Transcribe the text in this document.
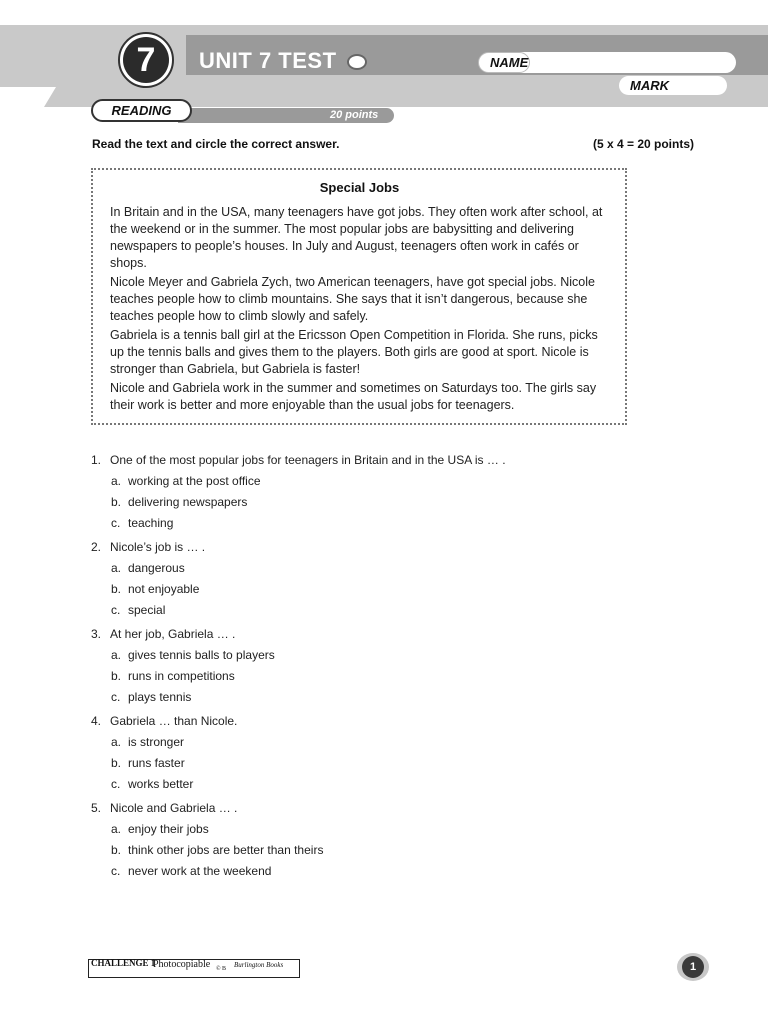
7	UNIT 7 TEST	NAME
MARK
20 points
READING
Read the text and circle the correct answer.	(5 x 4 = 20 points)
Special Jobs

In Britain and in the USA, many teenagers have got jobs. They often work after school, at the weekend or in the summer. The most popular jobs are babysitting and delivering newspapers to people’s houses. In July and August, teenagers often work in cafés or shops.

Nicole Meyer and Gabriela Zych, two American teenagers, have got special jobs. Nicole teaches people how to climb mountains. She says that it isn’t dangerous, because she teaches people how to climb slowly and safely.

Gabriela is a tennis ball girl at the Ericsson Open Competition in Florida. She runs, picks up the tennis balls and gives them to the players. Both girls are good at sport. Nicole is stronger than Gabriela, but Gabriela is faster!

Nicole and Gabriela work in the summer and sometimes on Saturdays too. The girls say their work is better and more enjoyable than the usual jobs for teenagers.

1. One of the most popular jobs for teenagers in Britain and in the USA is … .
a. working at the post office
b. delivering newspapers
c. teaching
2. Nicole’s job is … .
a. dangerous
b. not enjoyable
c. special
3. At her job, Gabriela … .
a. gives tennis balls to players
b. runs in competitions
c. plays tennis
4. Gabriela … than Nicole.
a. is stronger
b. runs faster
c. works better
5. Nicole and Gabriela … .
a. enjoy their jobs
b. think other jobs are better than theirs
c. never work at the weekend
CHALLENGE 1
Photocopiable © B Burlington Books	1
